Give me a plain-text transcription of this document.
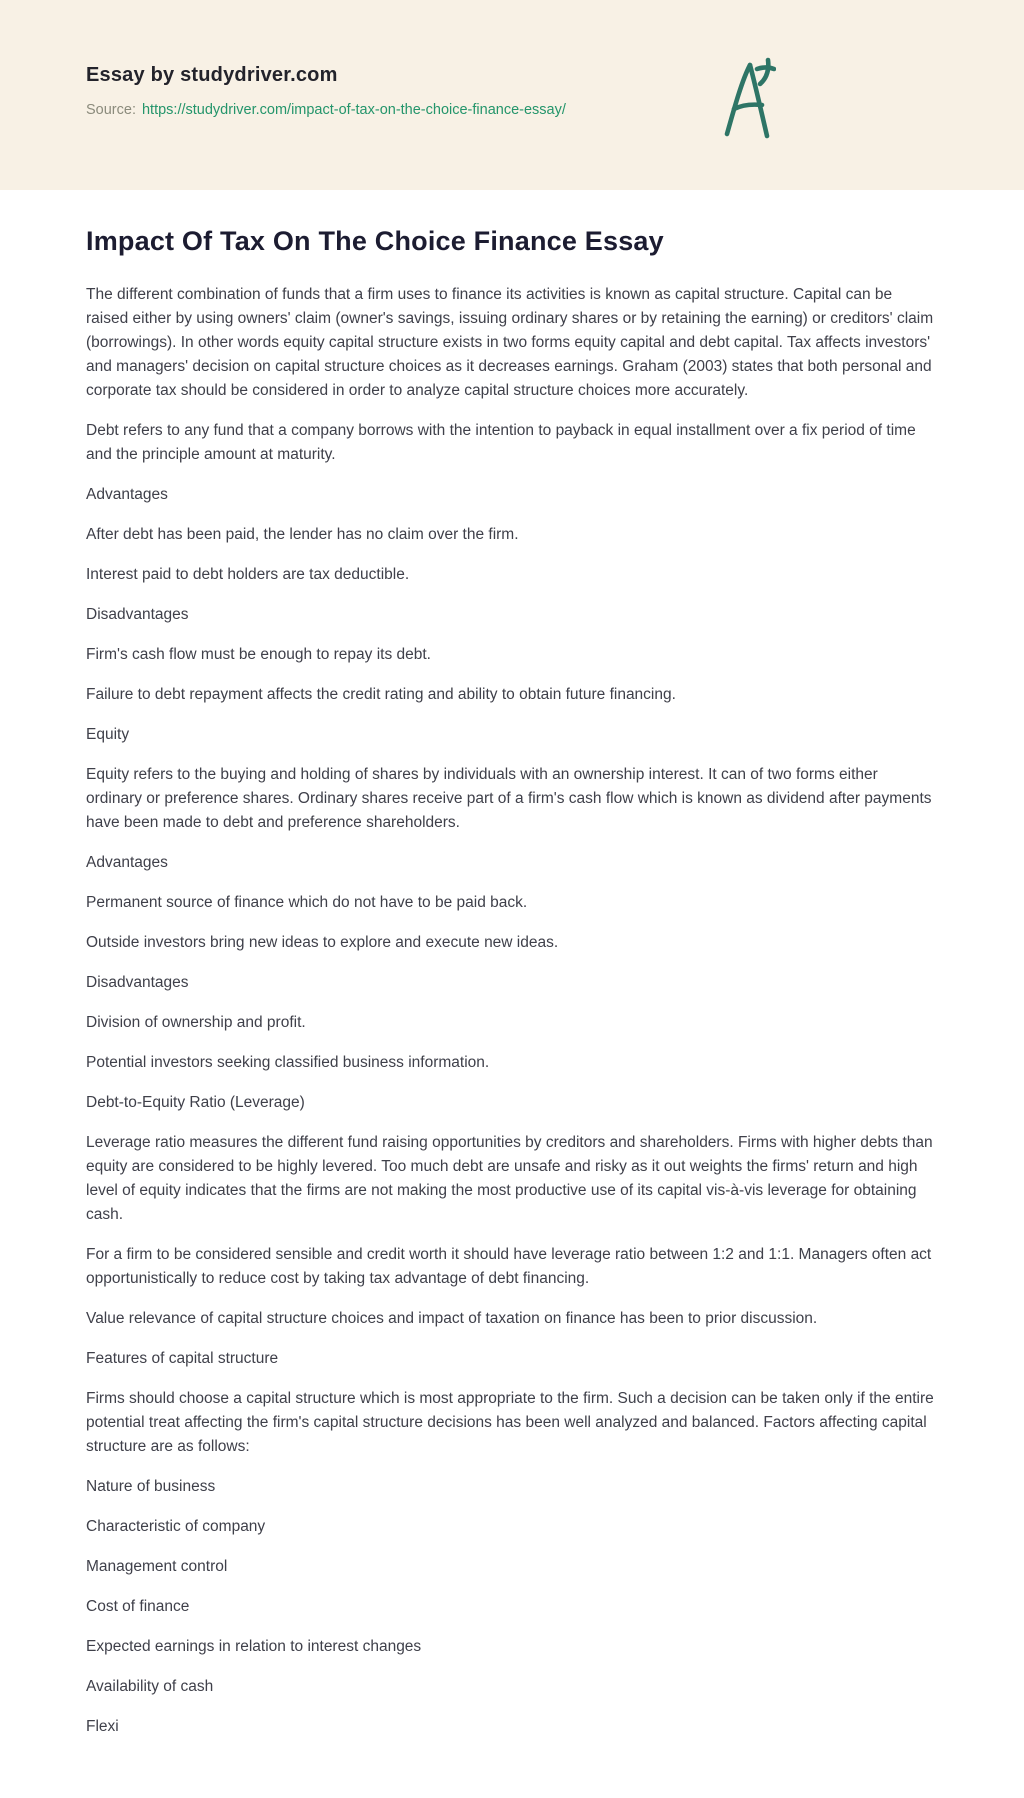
Essay by studydriver.com

Source: https://studydriver.com/impact-of-tax-on-the-choice-finance-essay/

Impact Of Tax On The Choice Finance Essay

The different combination of funds that a firm uses to finance its activities is known as capital structure. Capital can be raised either by using owners' claim (owner's savings, issuing ordinary shares or by retaining the earning) or creditors' claim (borrowings). In other words equity capital structure exists in two forms equity capital and debt capital. Tax affects investors' and managers' decision on capital structure choices as it decreases earnings. Graham (2003) states that both personal and corporate tax should be considered in order to analyze capital structure choices more accurately.

Debt refers to any fund that a company borrows with the intention to payback in equal installment over a fix period of time and the principle amount at maturity.

Advantages

After debt has been paid, the lender has no claim over the firm.

Interest paid to debt holders are tax deductible.

Disadvantages

Firm's cash flow must be enough to repay its debt.

Failure to debt repayment affects the credit rating and ability to obtain future financing.

Equity

Equity refers to the buying and holding of shares by individuals with an ownership interest. It can of two forms either ordinary or preference shares. Ordinary shares receive part of a firm's cash flow which is known as dividend after payments have been made to debt and preference shareholders.

Advantages

Permanent source of finance which do not have to be paid back.

Outside investors bring new ideas to explore and execute new ideas.

Disadvantages

Division of ownership and profit.

Potential investors seeking classified business information.

Debt-to-Equity Ratio (Leverage)

Leverage ratio measures the different fund raising opportunities by creditors and shareholders. Firms with higher debts than equity are considered to be highly levered. Too much debt are unsafe and risky as it out weights the firms' return and high level of equity indicates that the firms are not making the most productive use of its capital vis-à-vis leverage for obtaining cash.

For a firm to be considered sensible and credit worth it should have leverage ratio between 1:2 and 1:1. Managers often act opportunistically to reduce cost by taking tax advantage of debt financing.

Value relevance of capital structure choices and impact of taxation on finance has been to prior discussion.

Features of capital structure

Firms should choose a capital structure which is most appropriate to the firm. Such a decision can be taken only if the entire potential treat affecting the firm's capital structure decisions has been well analyzed and balanced. Factors affecting capital structure are as follows:

Nature of business

Characteristic of company

Management control

Cost of finance

Expected earnings in relation to interest changes

Availability of cash

Flexi
